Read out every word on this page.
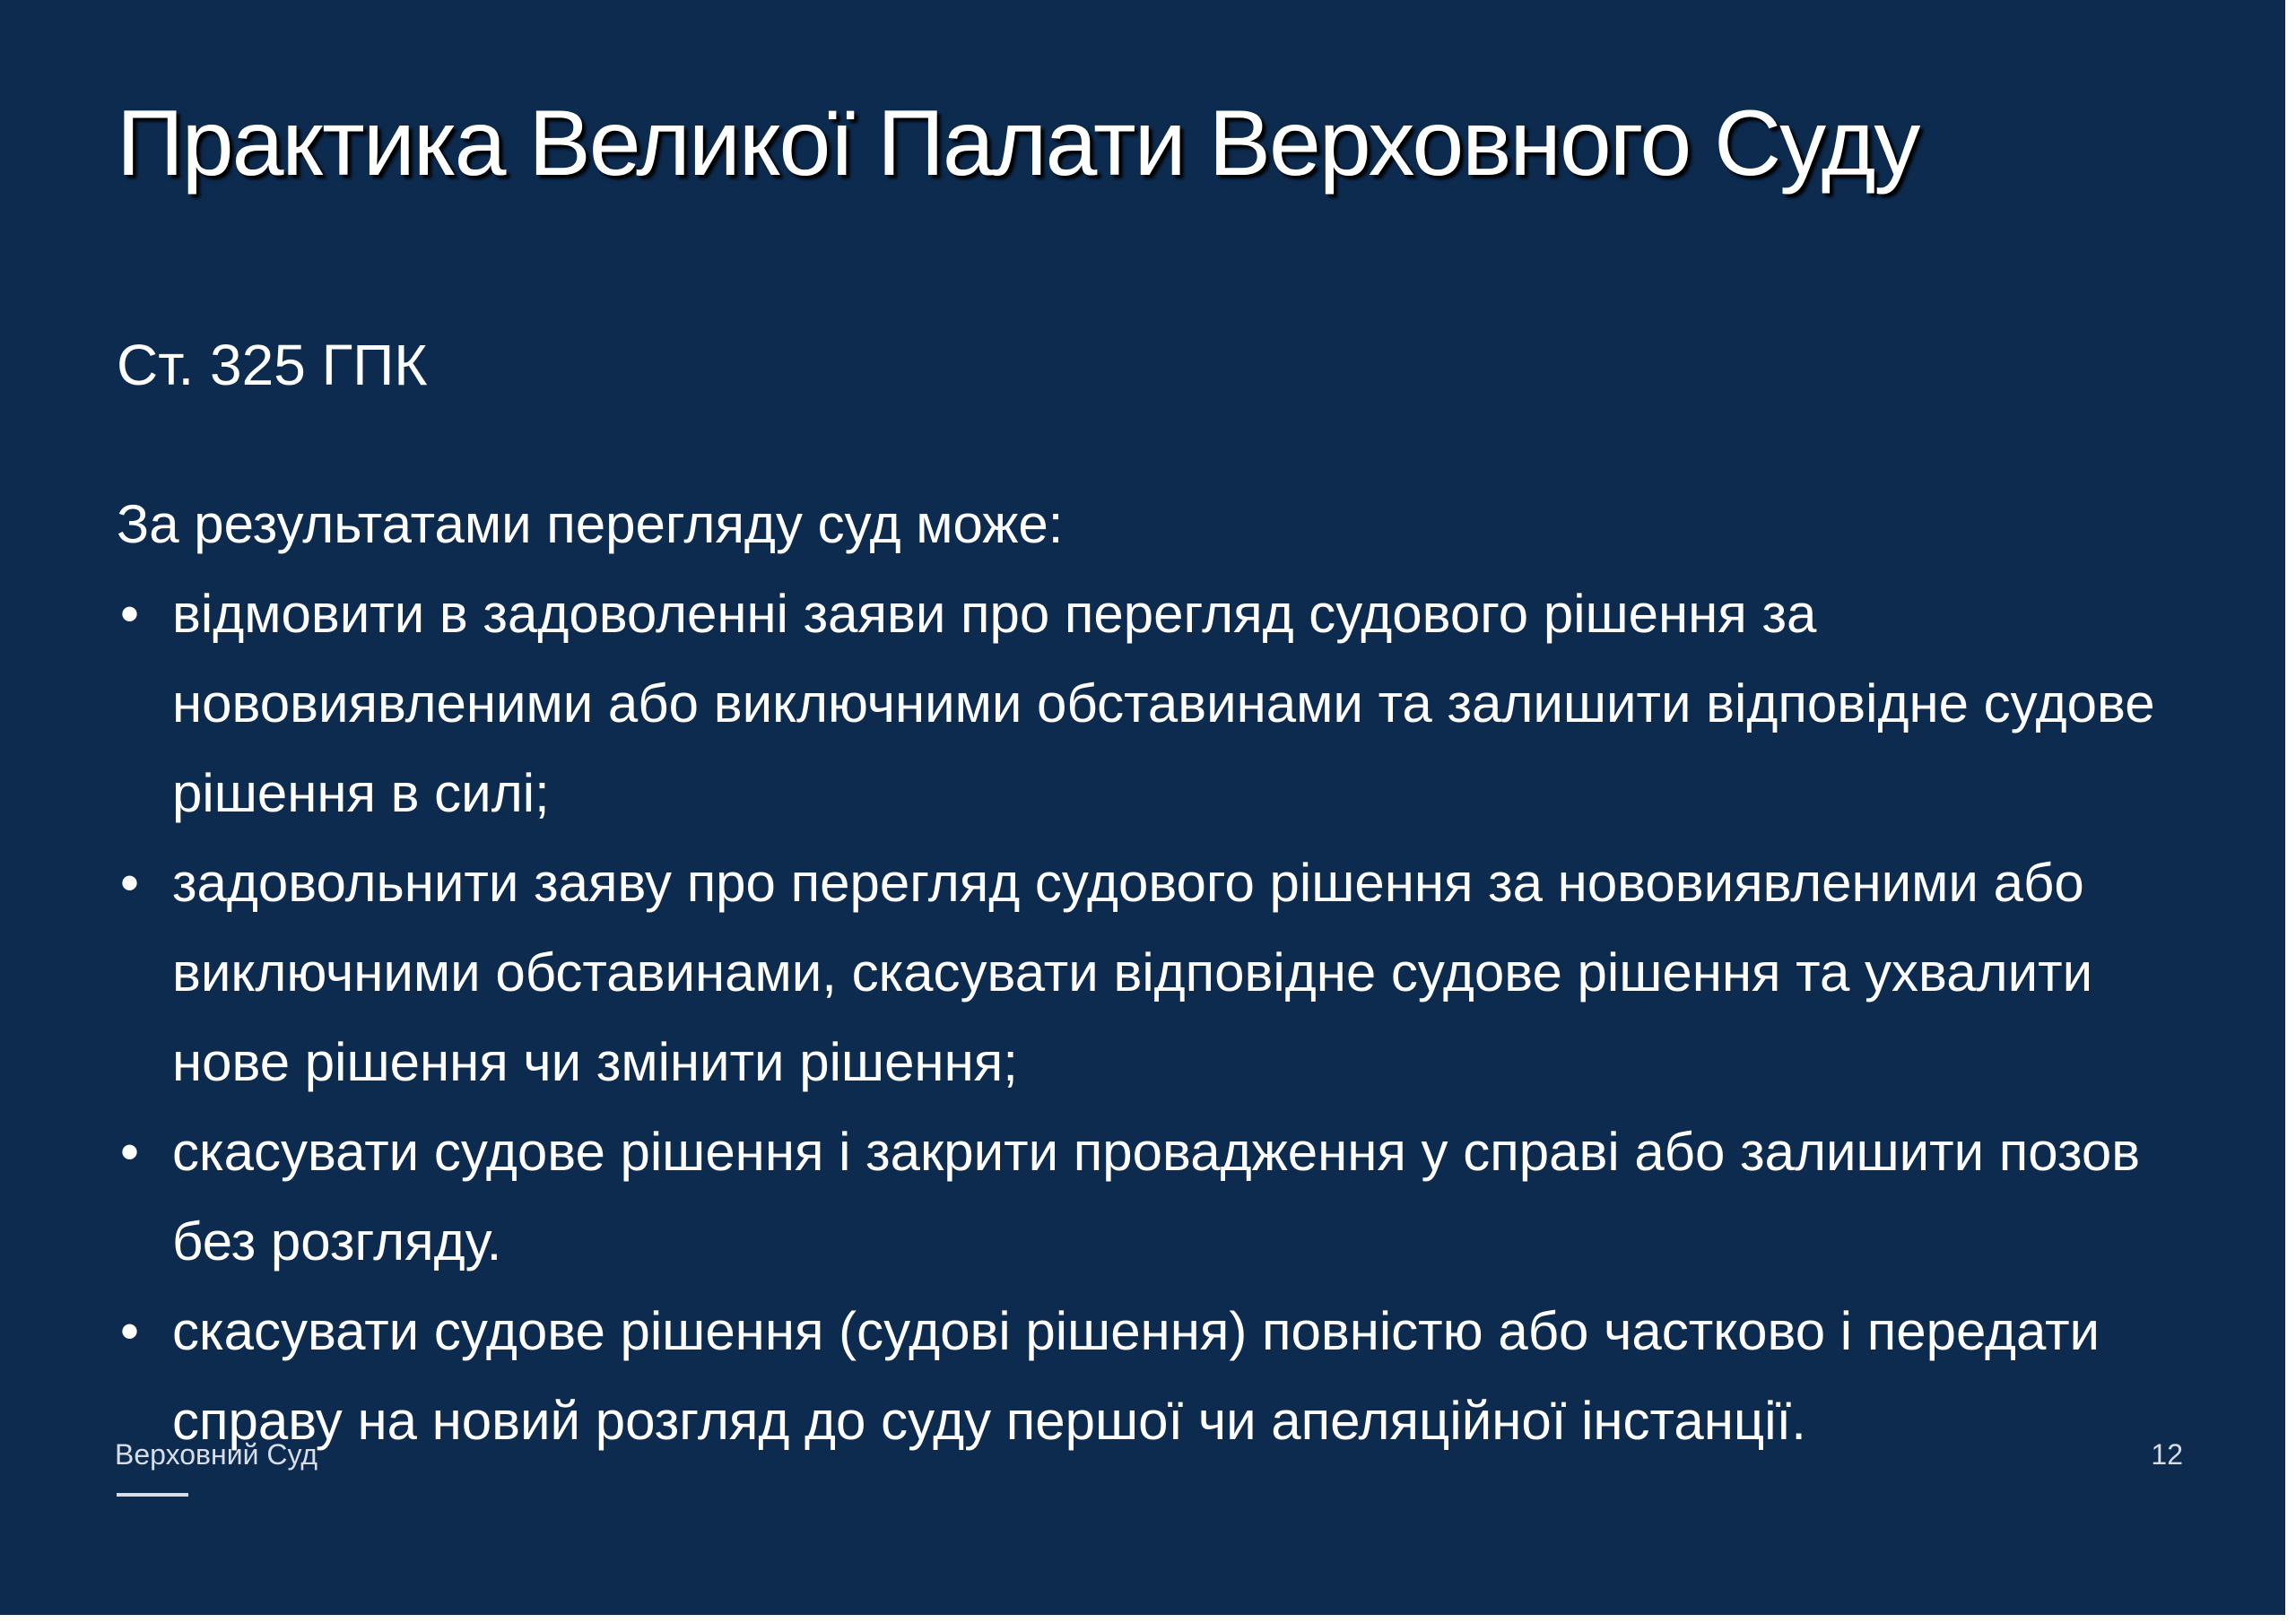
Практика Великої Палати Верховного Суду

Ст. 325 ГПК

За результатами перегляду суд може:

• відмовити в задоволенні заяви про перегляд судового рішення за нововиявленими або виключними обставинами та залишити відповідне судове рішення в силі;
• задовольнити заяву про перегляд судового рішення за нововиявленими або виключними обставинами, скасувати відповідне судове рішення та ухвалити нове рішення чи змінити рішення;
• скасувати судове рішення і закрити провадження у справі або залишити позов без розгляду.
• скасувати судове рішення (судові рішення) повністю або частково і передати справу на новий розгляд до суду першої чи апеляційної інстанції.
Верховний Суд	12
